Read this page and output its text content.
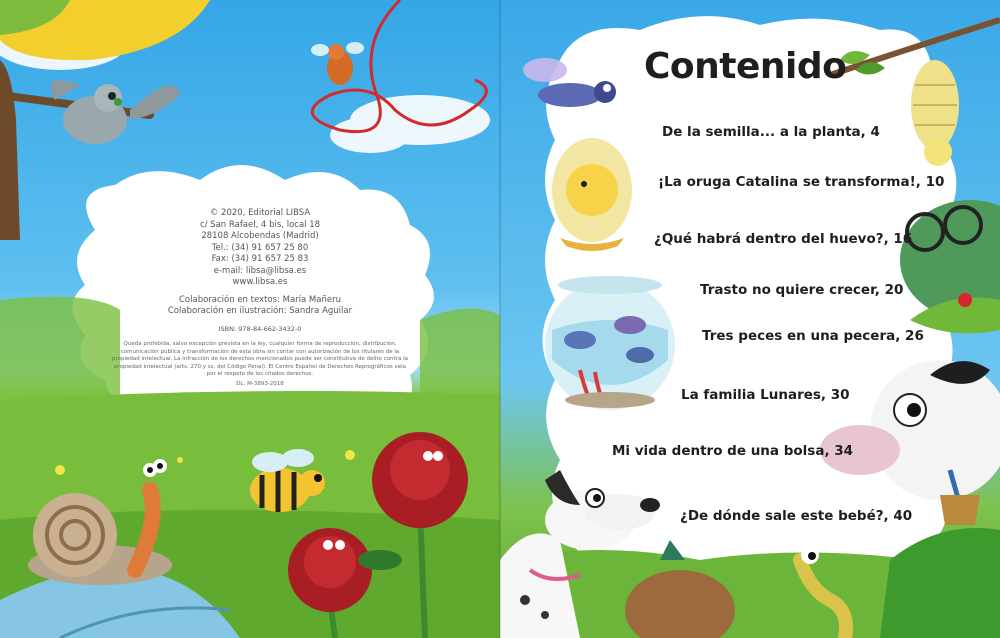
© 2020, Editorial LIBSA
c/ San Rafael, 4 bis, local 18
28108 Alcobendas (Madrid)
Tel.: (34) 91 657 25 80
Fax: (34) 91 657 25 83
e-mail: libsa@libsa.es
www.libsa.es
Colaboración en textos: María Mañeru
Colaboración en ilustración: Sandra Aguilar
ISBN: 978-84-662-3432-0
Queda prohibida, salvo excepción prevista en la ley, cualquier forma de reproducción, distribución, comunicación pública y transformación de esta obra sin contar con autorización de los titulares de la propiedad intelectual. La infracción de los derechos mencionados puede ser constitutiva de delito contra la propiedad intelectual (arts. 270 y ss. del Código Penal). El Centro Español de Derechos Reprográficos vela por el respeto de los citados derechos.
DL: M-3893-2018
Contenido
De la semilla... a la planta, 4
¡La oruga Catalina se transforma!, 10
¿Qué habrá dentro del huevo?, 16
Trasto no quiere crecer, 20
Tres peces en una pecera, 26
La familia Lunares, 30
Mi vida dentro de una bolsa, 34
¿De dónde sale este bebé?, 40
